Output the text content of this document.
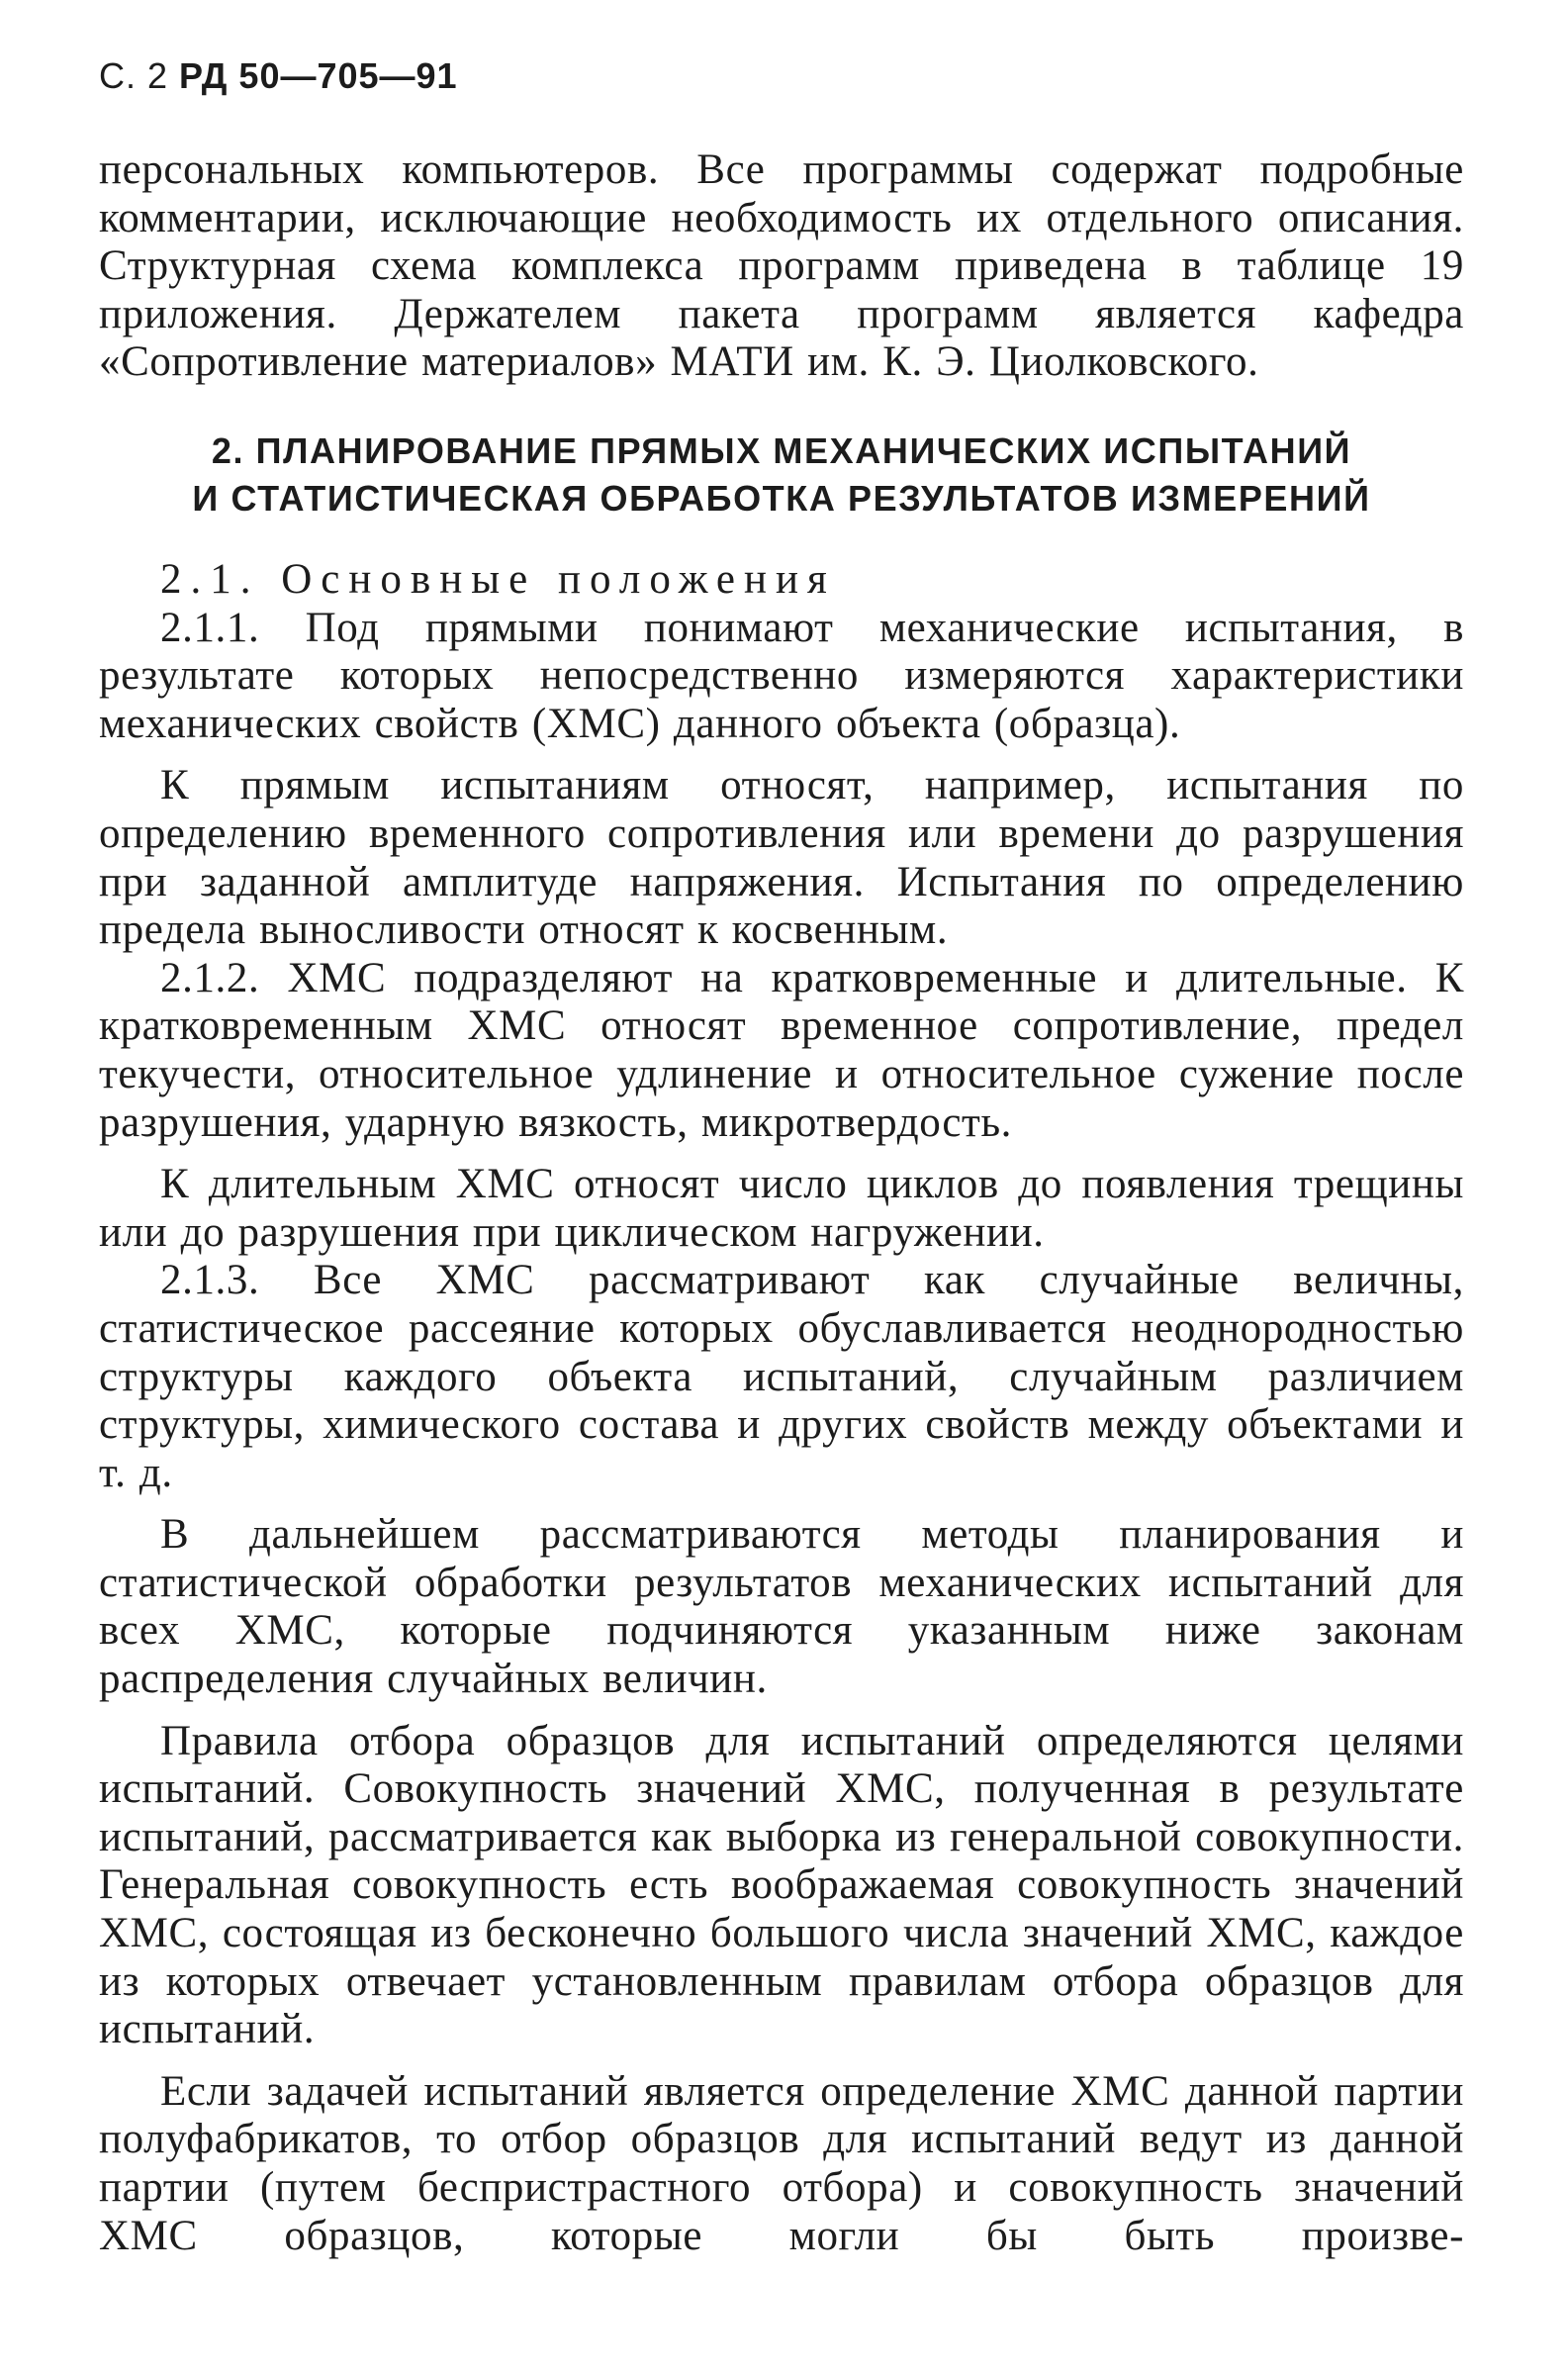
С. 2 РД 50—705—91

персональных компьютеров. Все программы содержат подробные комментарии, исключающие необходимость их отдельного описания. Структурная схема комплекса программ приведена в таблице 19 приложения. Держателем пакета программ является кафедра «Сопротивление материалов» МАТИ им. К. Э. Циолковского.

2. ПЛАНИРОВАНИЕ ПРЯМЫХ МЕХАНИЧЕСКИХ ИСПЫТАНИЙ
И СТАТИСТИЧЕСКАЯ ОБРАБОТКА РЕЗУЛЬТАТОВ ИЗМЕРЕНИЙ

2.1. Основные положения

2.1.1. Под прямыми понимают механические испытания, в результате которых непосредственно измеряются характеристики механических свойств (ХМС) данного объекта (образца).

К прямым испытаниям относят, например, испытания по определению временного сопротивления или времени до разрушения при заданной амплитуде напряжения. Испытания по определению предела выносливости относят к косвенным.

2.1.2. ХМС подразделяют на кратковременные и длительные. К кратковременным ХМС относят временное сопротивление, предел текучести, относительное удлинение и относительное сужение после разрушения, ударную вязкость, микротвердость.

К длительным ХМС относят число циклов до появления трещины или до разрушения при циклическом нагружении.

2.1.3. Все ХМС рассматривают как случайные величны, статистическое рассеяние которых обуславливается неоднородностью структуры каждого объекта испытаний, случайным различием структуры, химического состава и других свойств между объектами и т. д.

В дальнейшем рассматриваются методы планирования и статистической обработки результатов механических испытаний для всех ХМС, которые подчиняются указанным ниже законам распределения случайных величин.

Правила отбора образцов для испытаний определяются целями испытаний. Совокупность значений ХМС, полученная в результате испытаний, рассматривается как выборка из генеральной совокупности. Генеральная совокупность есть воображаемая совокупность значений ХМС, состоящая из бесконечно большого числа значений ХМС, каждое из которых отвечает установленным правилам отбора образцов для испытаний.

Если задачей испытаний является определение ХМС данной партии полуфабрикатов, то отбор образцов для испытаний ведут из данной партии (путем беспристрастного отбора) и совокупность значений ХМС образцов, которые могли бы быть произве-
